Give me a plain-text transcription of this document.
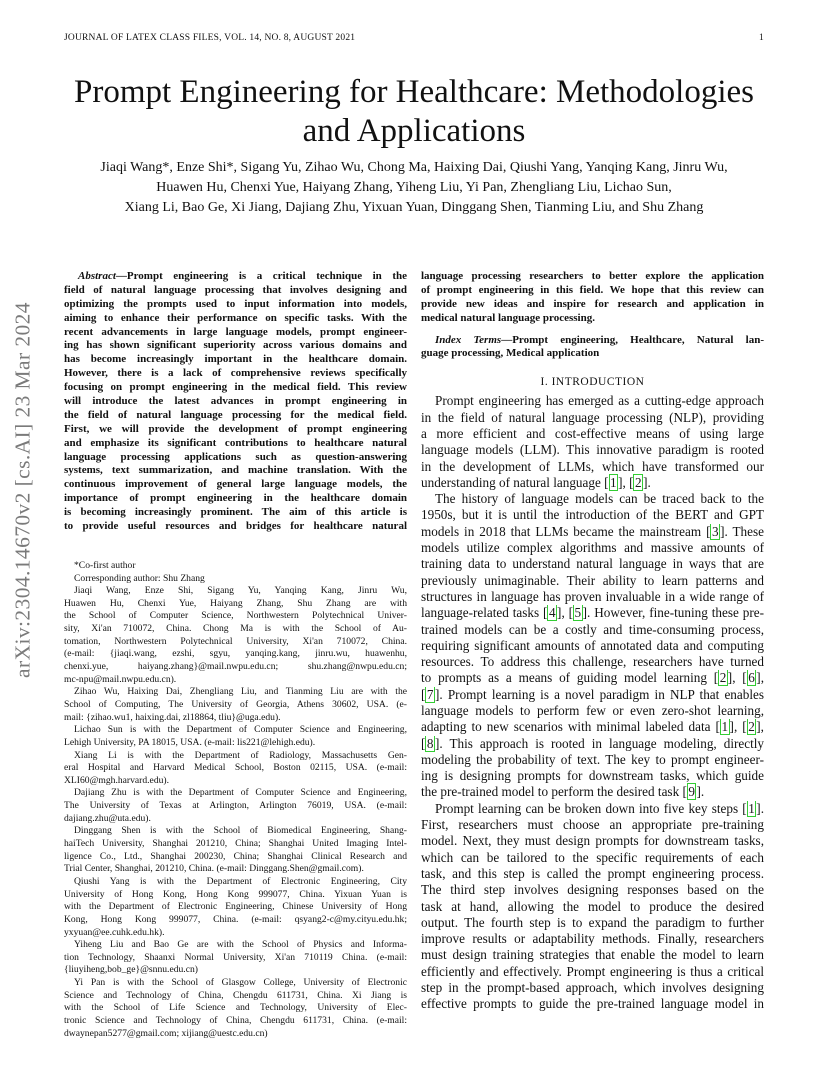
JOURNAL OF LATEX CLASS FILES, VOL. 14, NO. 8, AUGUST 2021	1
arXiv:2304.14670v2 [cs.AI] 23 Mar 2024
Prompt Engineering for Healthcare: Methodologies
and Applications
Jiaqi Wang*, Enze Shi*, Sigang Yu, Zihao Wu, Chong Ma, Haixing Dai, Qiushi Yang, Yanqing Kang, Jinru Wu,
Huawen Hu, Chenxi Yue, Haiyang Zhang, Yiheng Liu, Yi Pan, Zhengliang Liu, Lichao Sun,
Xiang Li, Bao Ge, Xi Jiang, Dajiang Zhu, Yixuan Yuan, Dinggang Shen, Tianming Liu, and Shu Zhang
Abstract—Prompt engineering is a critical technique in the
field of natural language processing that involves designing and
optimizing the prompts used to input information into models,
aiming to enhance their performance on specific tasks. With the
recent advancements in large language models, prompt engineer-
ing has shown significant superiority across various domains and
has become increasingly important in the healthcare domain.
However, there is a lack of comprehensive reviews specifically
focusing on prompt engineering in the medical field. This review
will introduce the latest advances in prompt engineering in
the field of natural language processing for the medical field.
First, we will provide the development of prompt engineering
and emphasize its significant contributions to healthcare natural
language processing applications such as question-answering
systems, text summarization, and machine translation. With the
continuous improvement of general large language models, the
importance of prompt engineering in the healthcare domain
is becoming increasingly prominent. The aim of this article is
to provide useful resources and bridges for healthcare natural
*Co-first author
Corresponding author: Shu Zhang
Jiaqi Wang, Enze Shi, Sigang Yu, Yanqing Kang, Jinru Wu,
Huawen Hu, Chenxi Yue, Haiyang Zhang, Shu Zhang are with
the School of Computer Science, Northwestern Polytechnical Univer-
sity, Xi'an 710072, China. Chong Ma is with the School of Au-
tomation, Northwestern Polytechnical University, Xi'an 710072, China.
(e-mail: {jiaqi.wang, ezshi, sgyu, yanqing.kang, jinru.wu, huawenhu,
chenxi.yue, haiyang.zhang}@mail.nwpu.edu.cn; shu.zhang@nwpu.edu.cn;
mc-npu@mail.nwpu.edu.cn).
Zihao Wu, Haixing Dai, Zhengliang Liu, and Tianming Liu are with the
School of Computing, The University of Georgia, Athens 30602, USA. (e-
mail: {zihao.wu1, haixing.dai, zl18864, tliu}@uga.edu).
Lichao Sun is with the Department of Computer Science and Engineering,
Lehigh University, PA 18015, USA. (e-mail: lis221@lehigh.edu).
Xiang Li is with the Department of Radiology, Massachusetts Gen-
eral Hospital and Harvard Medical School, Boston 02115, USA. (e-mail:
XLI60@mgh.harvard.edu).
Dajiang Zhu is with the Department of Computer Science and Engineering,
The University of Texas at Arlington, Arlington 76019, USA. (e-mail:
dajiang.zhu@uta.edu).
Dinggang Shen is with the School of Biomedical Engineering, Shang-
haiTech University, Shanghai 201210, China; Shanghai United Imaging Intel-
ligence Co., Ltd., Shanghai 200230, China; Shanghai Clinical Research and
Trial Center, Shanghai, 201210, China. (e-mail: Dinggang.Shen@gmail.com).
Qiushi Yang is with the Department of Electronic Engineering, City
University of Hong Kong, Hong Kong 999077, China. Yixuan Yuan is
with the Department of Electronic Engineering, Chinese University of Hong
Kong, Hong Kong 999077, China. (e-mail: qsyang2-c@my.cityu.edu.hk;
yxyuan@ee.cuhk.edu.hk).
Yiheng Liu and Bao Ge are with the School of Physics and Informa-
tion Technology, Shaanxi Normal University, Xi'an 710119 China. (e-mail:
{liuyiheng,bob_ge}@snnu.edu.cn)
Yi Pan is with the School of Glasgow College, University of Electronic
Science and Technology of China, Chengdu 611731, China. Xi Jiang is
with the School of Life Science and Technology, University of Elec-
tronic Science and Technology of China, Chengdu 611731, China. (e-mail:
dwaynepan5277@gmail.com; xijiang@uestc.edu.cn)
language processing researchers to better explore the application
of prompt engineering in this field. We hope that this review can
provide new ideas and inspire for research and application in
medical natural language processing.
Index Terms—Prompt engineering, Healthcare, Natural lan-
guage processing, Medical application
I. INTRODUCTION
Prompt engineering has emerged as a cutting-edge approach
in the field of natural language processing (NLP), providing
a more efficient and cost-effective means of using large
language models (LLM). This innovative paradigm is rooted
in the development of LLMs, which have transformed our
understanding of natural language [ 1 ], [ 2 ].
The history of language models can be traced back to the
1950s, but it is until the introduction of the BERT and GPT
models in 2018 that LLMs became the mainstream [ 3 ]. These
models utilize complex algorithms and massive amounts of
training data to understand natural language in ways that are
previously unimaginable. Their ability to learn patterns and
structures in language has proven invaluable in a wide range of
language-related tasks [ 4 ], [ 5 ]. However, fine-tuning these pre-
trained models can be a costly and time-consuming process,
requiring significant amounts of annotated data and computing
resources. To address this challenge, researchers have turned
to prompts as a means of guiding model learning [ 2 ], [ 6 ],
[ 7 ]. Prompt learning is a novel paradigm in NLP that enables
language models to perform few or even zero-shot learning,
adapting to new scenarios with minimal labeled data [ 1 ], [ 2 ],
[ 8 ]. This approach is rooted in language modeling, directly
modeling the probability of text. The key to prompt engineer-
ing is designing prompts for downstream tasks, which guide
the pre-trained model to perform the desired task [ 9 ].
Prompt learning can be broken down into five key steps [ 1 ].
First, researchers must choose an appropriate pre-training
model. Next, they must design prompts for downstream tasks,
which can be tailored to the specific requirements of each
task, and this step is called the prompt engineering process.
The third step involves designing responses based on the
task at hand, allowing the model to produce the desired
output. The fourth step is to expand the paradigm to further
improve results or adaptability methods. Finally, researchers
must design training strategies that enable the model to learn
efficiently and effectively. Prompt engineering is thus a critical
step in the prompt-based approach, which involves designing
effective prompts to guide the pre-trained language model in
